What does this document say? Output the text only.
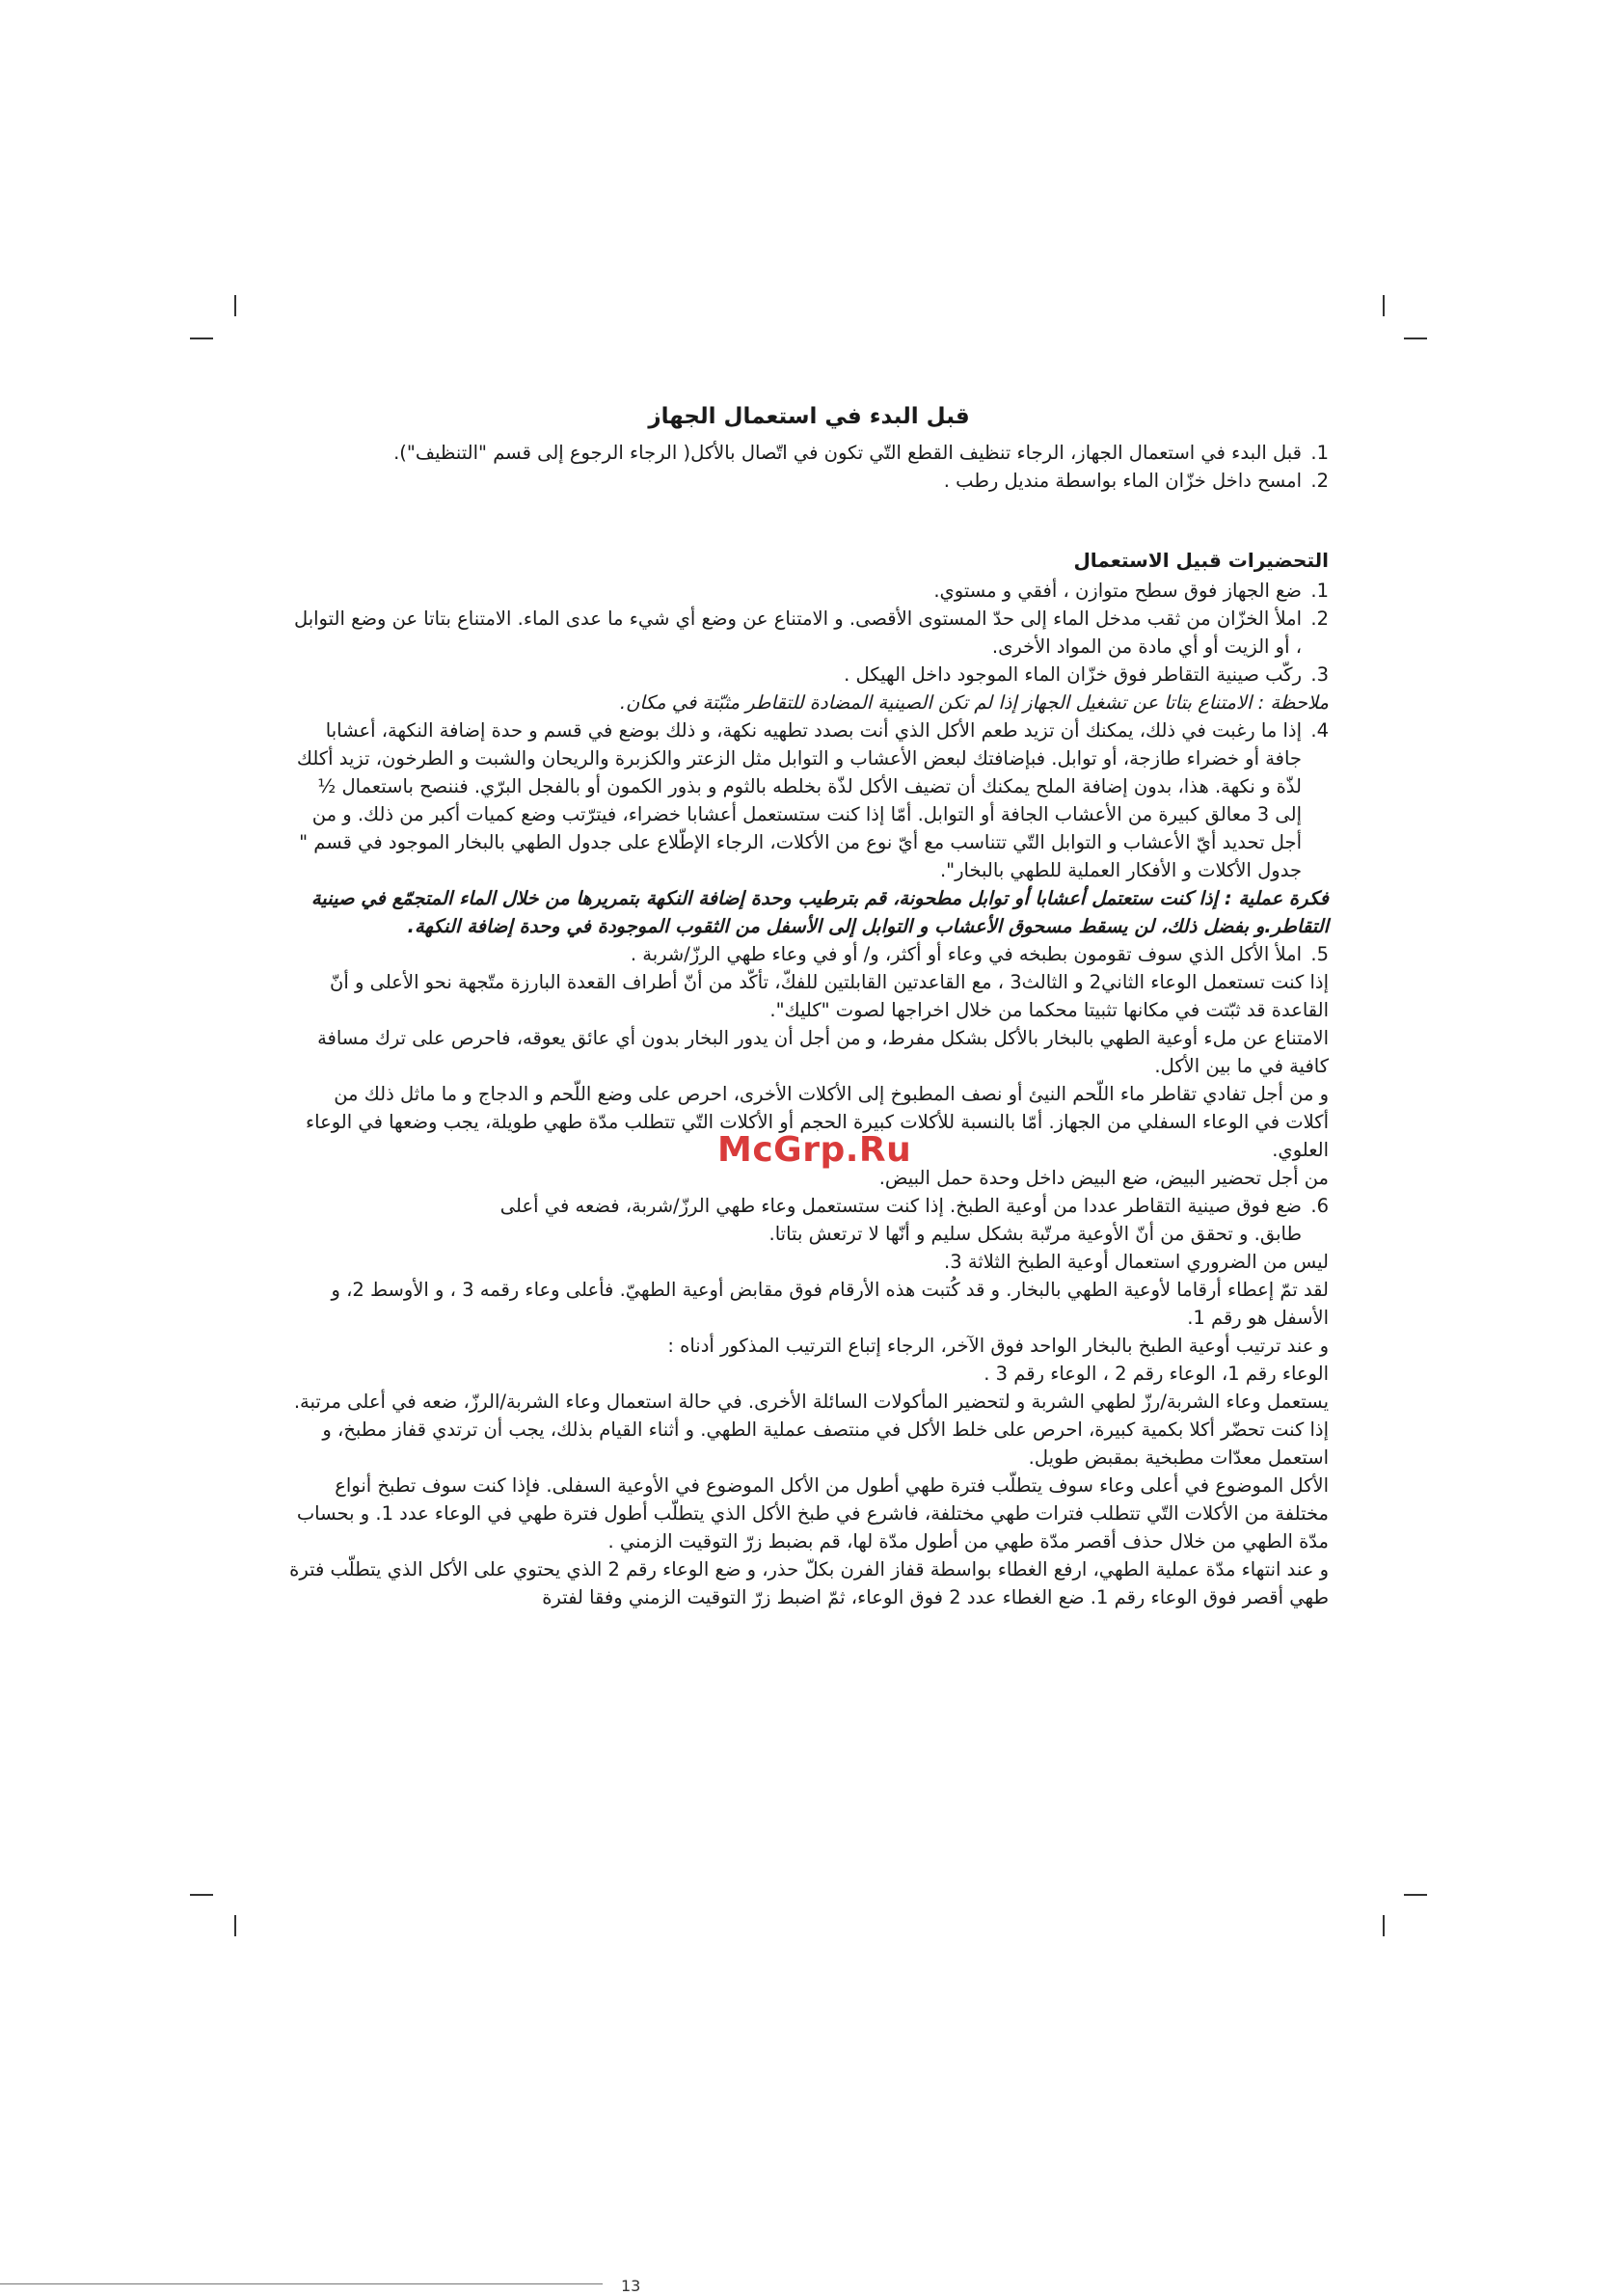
قبل البدء في استعمال الجهاز

1.
قبل البدء في استعمال الجهاز، الرجاء تنظيف القطع التّي تكون في اتّصال بالأكل( الرجاء الرجوع إلى قسم "التنظيف").

2.
امسح داخل خزّان الماء بواسطة منديل رطب .

التحضيرات قبيل الاستعمال

1.
ضع الجهاز فوق سطح متوازن ، أفقي و مستوي.

2.
املأ الخزّان من ثقب مدخل الماء إلى حدّ المستوى الأقصى. و الامتناع عن وضع أي شيء ما عدى الماء. الامتناع بتاتا عن وضع التوابل ، أو الزيت أو أي مادة من المواد الأخرى.

3.
ركّب صينية التقاطر فوق خزّان الماء الموجود داخل الهيكل .

ملاحظة : الامتناع بتاتا عن تشغيل الجهاز إذا لم تكن الصينية المضادة للتقاطر مثبّتة في مكان.

4.
إذا ما رغبت في ذلك، يمكنك أن تزيد طعم الأكل الذي أنت بصدد تطهيه نكهة، و ذلك بوضع في قسم و حدة إضافة النكهة، أعشابا جافة أو خضراء طازجة، أو توابل. فبإضافتك لبعض الأعشاب و التوابل مثل الزعتر والكزبرة والريحان والشبت و الطرخون، تزيد أكلك لذّة و نكهة. هذا، بدون إضافة الملح يمكنك أن تضيف الأكل لذّة بخلطه بالثوم و بذور الكمون أو بالفجل البرّي. فننصح باستعمال ½ إلى 3 معالق كبيرة من الأعشاب الجافة أو التوابل. أمّا إذا كنت ستستعمل أعشابا خضراء، فيترّتب وضع كميات أكبر من ذلك. و من أجل تحديد أيّ الأعشاب و التوابل التّي تتناسب مع أيّ نوع من الأكلات، الرجاء الإطّلاع على جدول الطهي بالبخار الموجود في قسم " جدول الأكلات و الأفكار العملية للطهي بالبخار".

فكرة عملية : إذا كنت ستعتمل أعشابا أو توابل مطحونة، قم بترطيب وحدة إضافة النكهة بتمريرها من خلال الماء المتجمّع في صينية التقاطر.و بفضل ذلك، لن يسقط مسحوق الأعشاب و التوابل إلى الأسفل من الثقوب الموجودة في وحدة إضافة النكهة.

5.
املأ الأكل الذي سوف تقومون بطبخه في وعاء أو أكثر، و/ أو في وعاء طهي الرزّ/شربة .

إذا كنت تستعمل الوعاء الثاني2 و الثالث3 ، مع القاعدتين القابلتين للفكّ، تأكّد من أنّ أطراف القعدة البارزة متّجهة نحو الأعلى و أنّ القاعدة قد ثبّتت في مكانها تثبيتا محكما من خلال اخراجها لصوت "كليك".

الامتناع عن ملء أوعية الطهي بالبخار بالأكل بشكل مفرط، و من أجل أن يدور البخار بدون أي عائق يعوقه، فاحرص على ترك مسافة كافية في ما بين الأكل.

و من أجل تفادي تقاطر ماء اللّحم النيئ أو نصف المطبوخ إلى الأكلات الأخرى، احرص على وضع اللّحم و الدجاج و ما ماثل ذلك من أكلات في الوعاء السفلي من الجهاز. أمّا بالنسبة للأكلات كبيرة الحجم أو الأكلات التّي تتطلب مدّة طهي طويلة، يجب وضعها في الوعاء العلوي.

من أجل تحضير البيض، ضع البيض داخل وحدة حمل البيض.

6.
ضع فوق صينية التقاطر عددا من أوعية الطبخ. إذا كنت ستستعمل وعاء طهي الرزّ/شربة، فضعه في أعلى طابق. و تحقق من أنّ الأوعية مرتّبة بشكل سليم و أنّها لا ترتعش بتاتا.

ليس من الضروري استعمال أوعية الطبخ الثلاثة 3.

لقد تمّ إعطاء أرقاما لأوعية الطهي بالبخار. و قد كُتبت هذه الأرقام فوق مقابض أوعية الطهيّ. فأعلى وعاء رقمه 3 ، و الأوسط 2، و الأسفل هو رقم 1.

و عند ترتيب أوعية الطبخ بالبخار الواحد فوق الآخر، الرجاء إتباع الترتيب المذكور أدناه :

الوعاء رقم 1، الوعاء رقم 2 ، الوعاء رقم 3 .

يستعمل وعاء الشربة/رزّ لطهي الشربة و لتحضير المأكولات السائلة الأخرى. في حالة استعمال وعاء الشربة/الرزّ، ضعه في أعلى مرتبة.

إذا كنت تحضّر أكلا بكمية كبيرة، احرص على خلط الأكل في منتصف عملية الطهي. و أثناء القيام بذلك، يجب أن ترتدي قفاز مطبخ، و استعمل معدّات مطبخية بمقبض طويل.

الأكل الموضوع في أعلى وعاء سوف يتطلّب فترة طهي أطول من الأكل الموضوع في الأوعية السفلى. فإذا كنت سوف تطبخ أنواع مختلفة من الأكلات التّي تتطلب فترات طهي مختلفة، فاشرع في طبخ الأكل الذي يتطلّب أطول فترة طهي في الوعاء عدد 1. و بحساب مدّة الطهي من خلال حذف أقصر مدّة طهي من أطول مدّة لها، قم بضبط زرّ التوقيت الزمني .

و عند انتهاء مدّة عملية الطهي، ارفع الغطاء بواسطة قفاز الفرن بكلّ حذر، و ضع الوعاء رقم 2 الذي يحتوي على الأكل الذي يتطلّب فترة طهي أقصر فوق الوعاء رقم 1. ضع الغطاء عدد 2 فوق الوعاء، ثمّ اضبط زرّ التوقيت الزمني وفقا لفترة

McGrp.Ru
13
